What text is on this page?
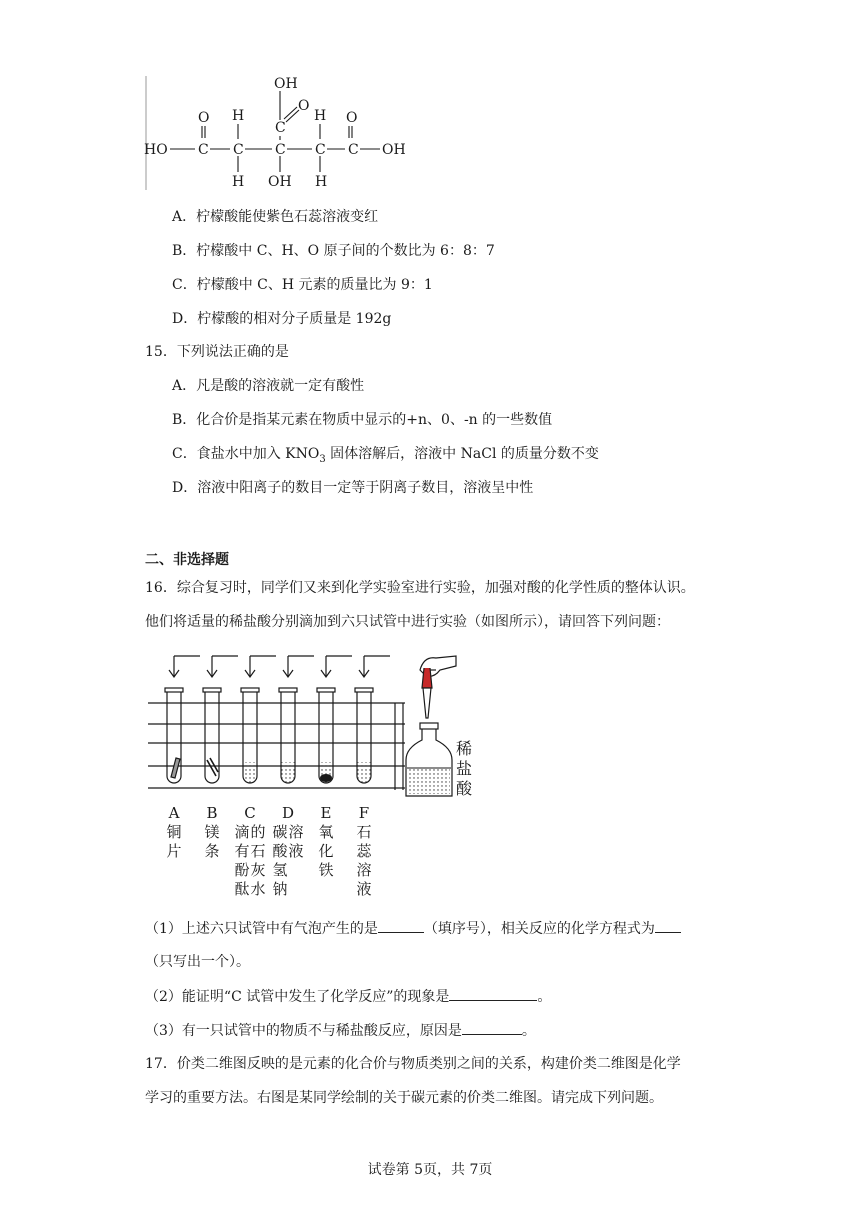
OH
O
H	H
O	O
HO C C C C C
C
OH
H OH H
A．柠檬酸能使紫色石蕊溶液变红
B．柠檬酸中 C、H、O 原子间的个数比为 6：8：7
C．柠檬酸中 C、H 元素的质量比为 9：1
D．柠檬酸的相对分子质量是 192g
15．下列说法正确的是
A．凡是酸的溶液就一定有酸性
B．化合价是指某元素在物质中显示的+n、0、-n 的一些数值
C．食盐水中加入 $KNO_3$ 固体溶解后，溶液中 NaCl 的质量分数不变
D．溶液中阳离子的数目一定等于阴离子数目，溶液呈中性
二、非选择题
16．综合复习时，同学们又来到化学实验室进行实验，加强对酸的化学性质的整体认识。
他们将适量的稀盐酸分别滴加到六只试管中进行实验（如图所示），请回答下列问题：
A
铜
片
B
镁
条
C
滴
有
酚
酞
的
石
灰
水
D
碳
酸
氢
钠
溶
液
E
氧
化
铁
F
石
蕊
溶
液
稀
盐
酸
（1）上述六只试管中有气泡产生的是	（填序号），相关反应的化学方程式为
（只写出一个）。
（2）能证明“C 试管中发生了化学反应”的现象是	。
（3）有一只试管中的物质不与稀盐酸反应，原因是	。
17．价类二维图反映的是元素的化合价与物质类别之间的关系，构建价类二维图是化学
学习的重要方法。右图是某同学绘制的关于碳元素的价类二维图。请完成下列问题。
试卷第 5页，共 7页
